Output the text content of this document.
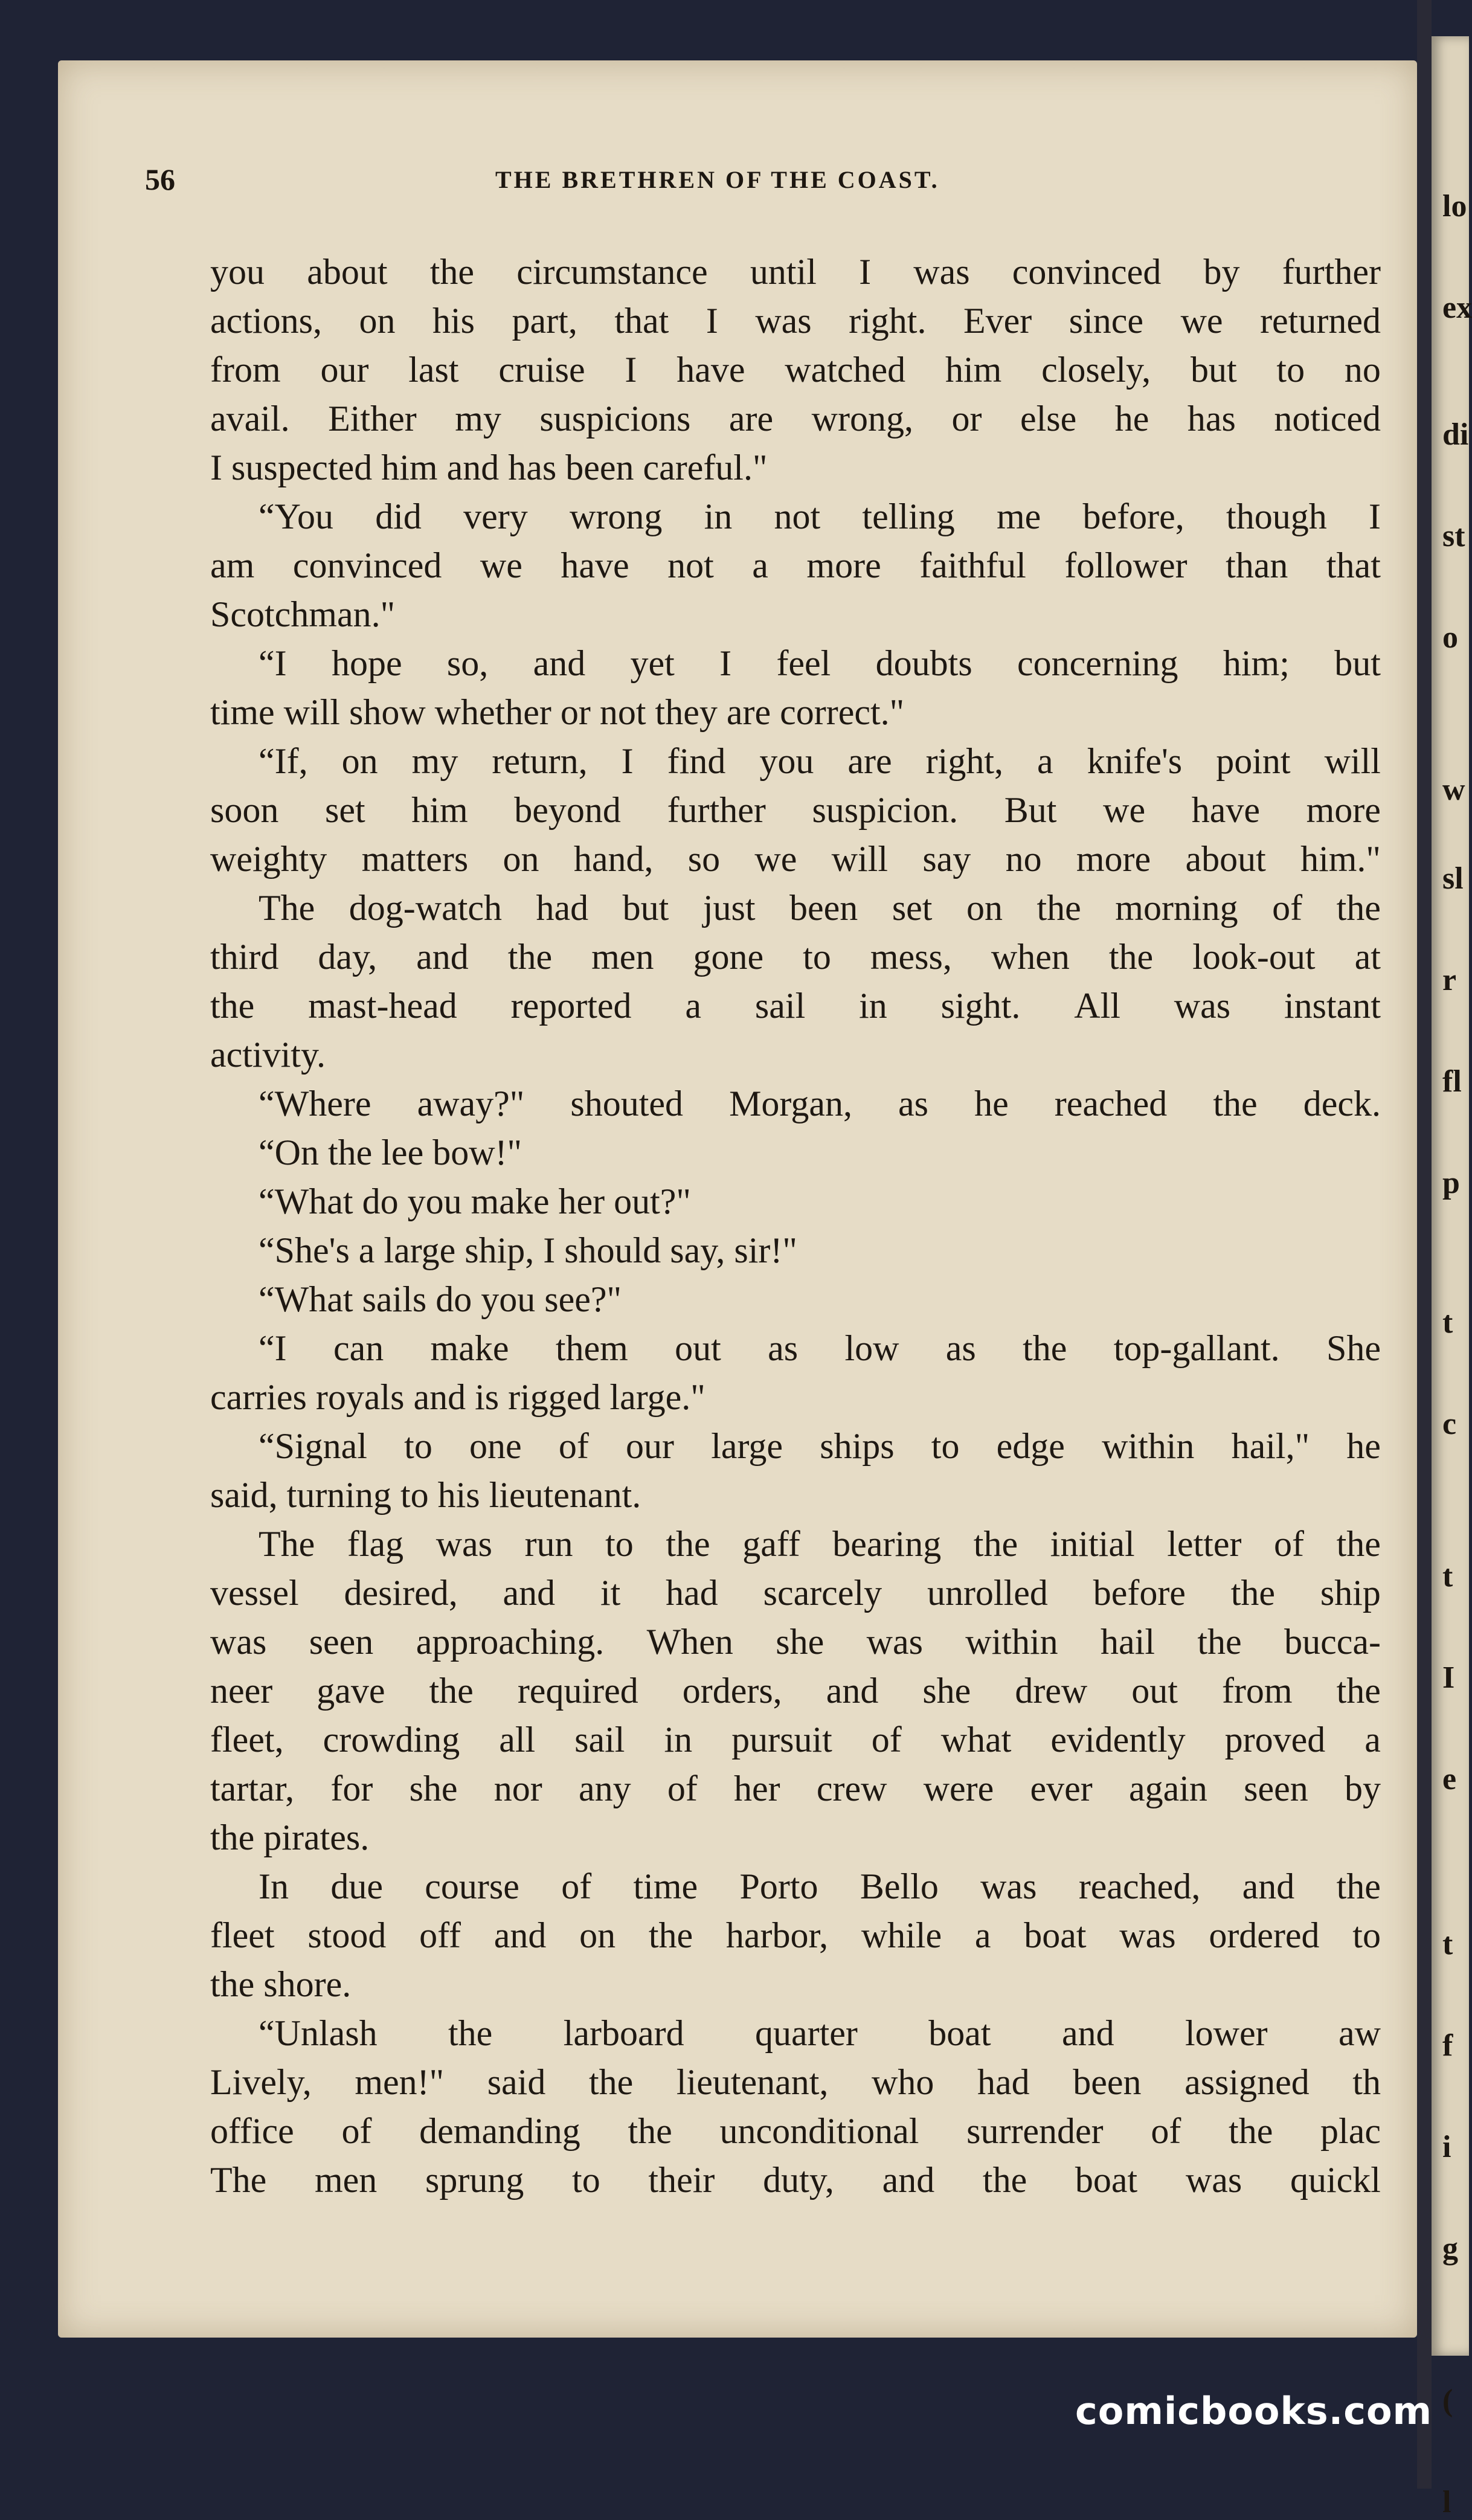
lo
ex
di
st
o
w
sl
r
fl
p
t
c
t
I
e
t
f
i
g
(
l
56	THE BRETHREN OF THE COAST.
you about the circumstance until I was convinced by further
actions, on his part, that I was right. Ever since we returned
from our last cruise I have watched him closely, but to no
avail. Either my suspicions are wrong, or else he has noticed
I suspected him and has been careful."
“You did very wrong in not telling me before, though I
am convinced we have not a more faithful follower than that
Scotchman."
“I hope so, and yet I feel doubts concerning him; but
time will show whether or not they are correct."
“If, on my return, I find you are right, a knife's point will
soon set him beyond further suspicion. But we have more
weighty matters on hand, so we will say no more about him."
The dog-watch had but just been set on the morning of the
third day, and the men gone to mess, when the look-out at
the mast-head reported a sail in sight. All was instant
activity.
“Where away?" shouted Morgan, as he reached the deck.
“On the lee bow!"
“What do you make her out?"
“She's a large ship, I should say, sir!"
“What sails do you see?"
“I can make them out as low as the top-gallant. She
carries royals and is rigged large."
“Signal to one of our large ships to edge within hail," he
said, turning to his lieutenant.
The flag was run to the gaff bearing the initial letter of the
vessel desired, and it had scarcely unrolled before the ship
was seen approaching. When she was within hail the bucca-
neer gave the required orders, and she drew out from the
fleet, crowding all sail in pursuit of what evidently proved a
tartar, for she nor any of her crew were ever again seen by
the pirates.
In due course of time Porto Bello was reached, and the
fleet stood off and on the harbor, while a boat was ordered to
the shore.
“Unlash the larboard quarter boat and lower aw
Lively, men!" said the lieutenant, who had been assigned th
office of demanding the unconditional surrender of the plac
The men sprung to their duty, and the boat was quickl
comicbooks.com
